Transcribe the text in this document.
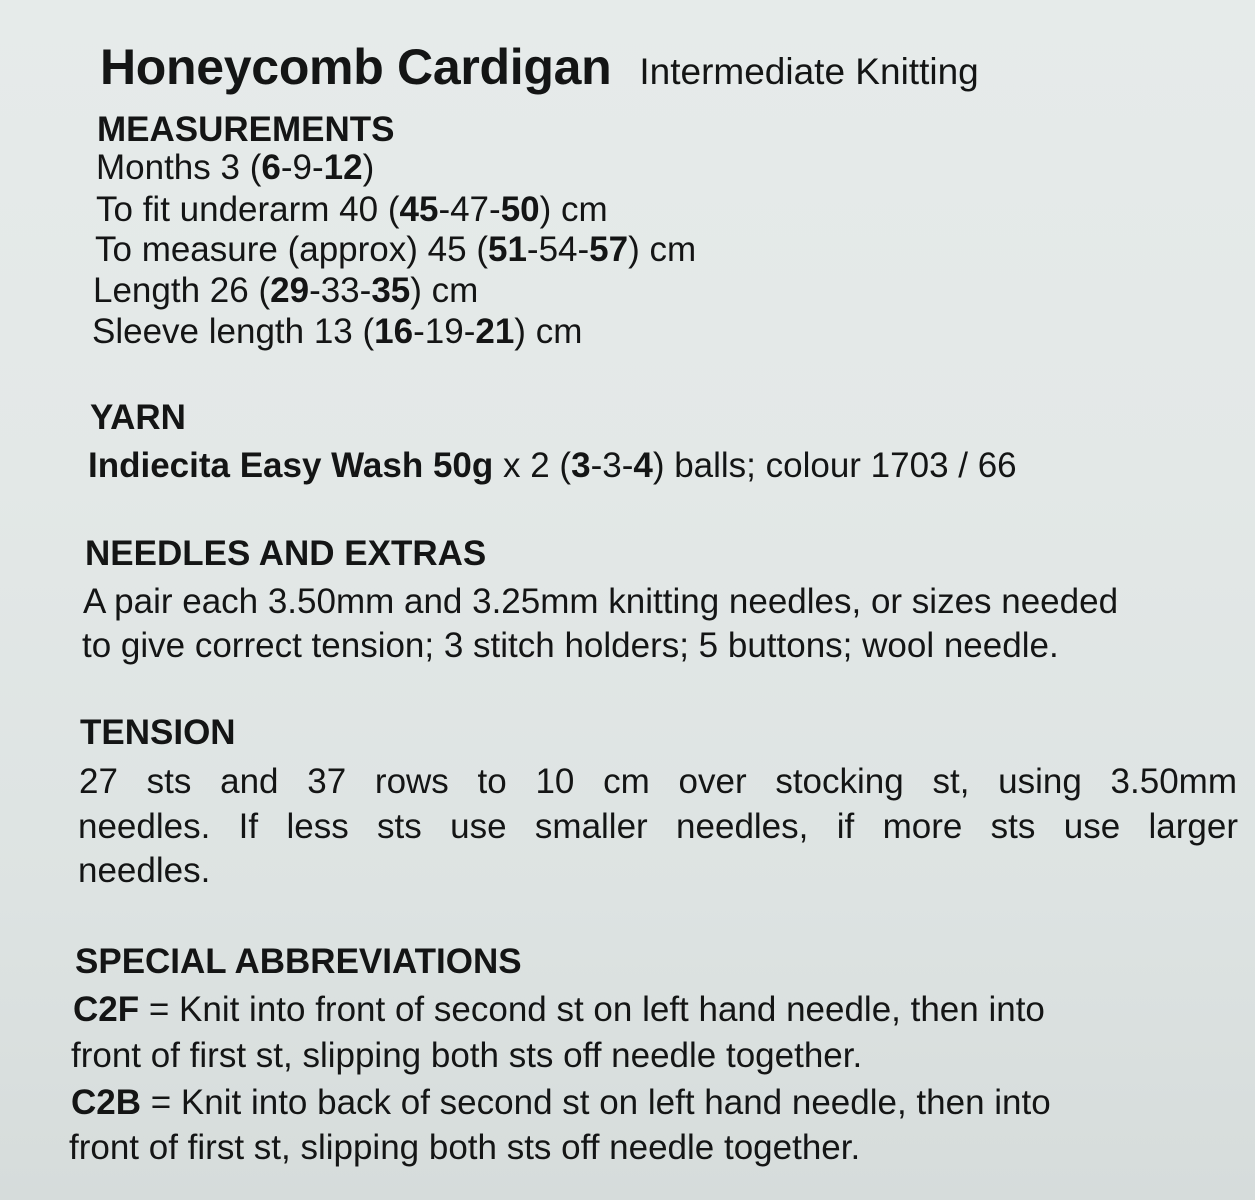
Honeycomb Cardigan Intermediate Knitting
MEASUREMENTS
Months 3 (6-9-12)
To fit underarm 40 (45-47-50) cm
To measure (approx) 45 (51-54-57) cm
Length 26 (29-33-35) cm
Sleeve length 13 (16-19-21) cm
YARN
Indiecita Easy Wash 50g x 2 (3-3-4) balls; colour 1703 / 66
NEEDLES AND EXTRAS
A pair each 3.50mm and 3.25mm knitting needles, or sizes needed
to give correct tension; 3 stitch holders; 5 buttons; wool needle.
TENSION
27 sts and 37 rows to 10 cm over stocking st, using 3.50mm
needles. If less sts use smaller needles, if more sts use larger
needles.
SPECIAL ABBREVIATIONS
C2F = Knit into front of second st on left hand needle, then into
front of first st, slipping both sts off needle together.
C2B = Knit into back of second st on left hand needle, then into
front of first st, slipping both sts off needle together.
